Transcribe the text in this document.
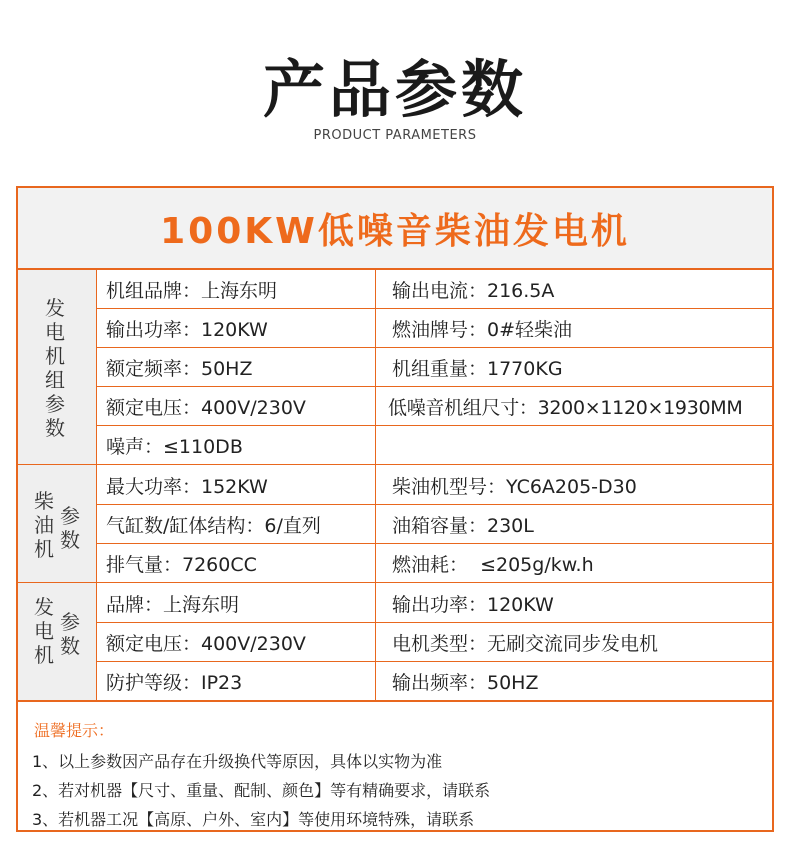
产品参数
PRODUCT PARAMETERS
100KW低噪音柴油发电机
发电机组参数
柴油机
参数
发电机
参数
机组品牌：上海东明	输出电流：216.5A
输出功率：120KW	燃油牌号：0#轻柴油
额定频率：50HZ	机组重量：1770KG
额定电压：400V/230V	低噪音机组尺寸：3200×1120×1930MM
噪声：≤110DB
最大功率：152KW	柴油机型号：YC6A205-D30
气缸数/缸体结构：6/直列	油箱容量：230L
排气量：7260CC	燃油耗：  ≤205g/kw.h
品牌：上海东明	输出功率：120KW
额定电压：400V/230V	电机类型：无刷交流同步发电机
防护等级：IP23	输出频率：50HZ
温馨提示：
1、以上参数因产品存在升级换代等原因，具体以实物为准
2、若对机器【尺寸、重量、配制、颜色】等有精确要求，请联系
3、若机器工况【高原、户外、室内】等使用环境特殊，请联系
